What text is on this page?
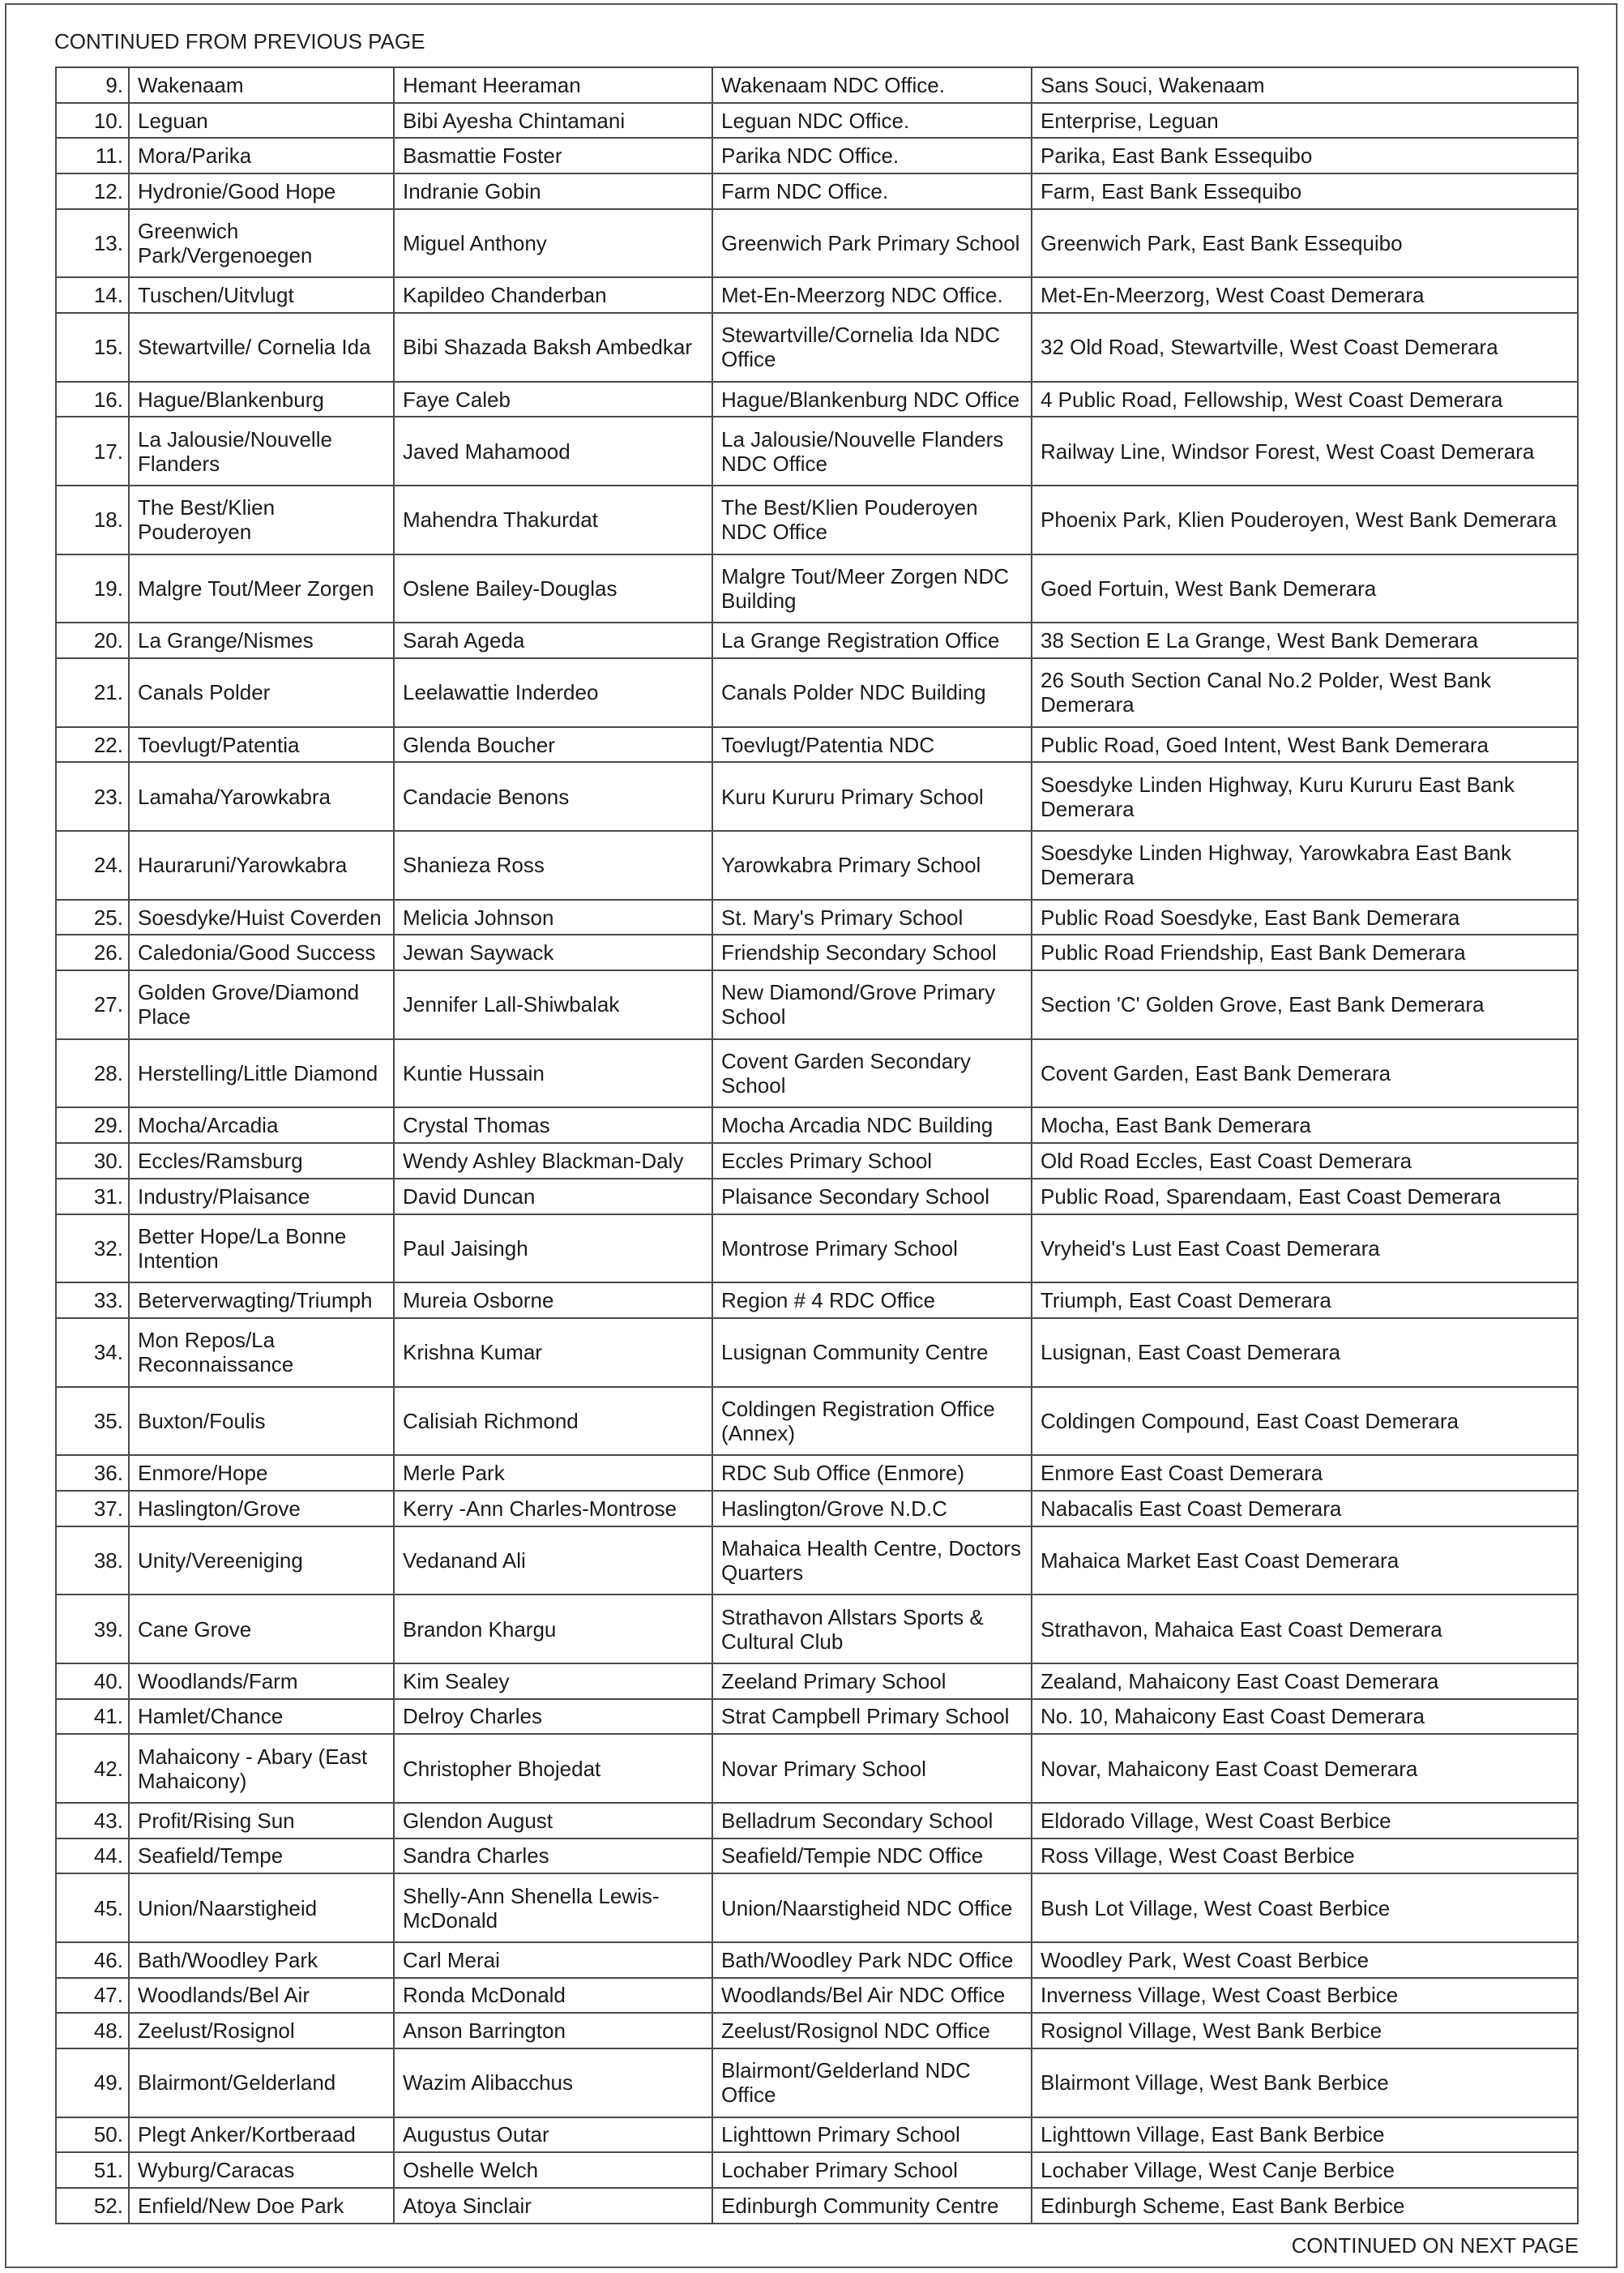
CONTINUED FROM PREVIOUS PAGE
9.	Wakenaam	Hemant Heeraman	Wakenaam NDC Office.	Sans Souci, Wakenaam
10.	Leguan	Bibi Ayesha Chintamani	Leguan NDC Office.	Enterprise, Leguan
11.	Mora/Parika	Basmattie Foster	Parika NDC Office.	Parika, East Bank Essequibo
12.	Hydronie/Good Hope	Indranie Gobin	Farm NDC Office.	Farm, East Bank Essequibo
13.	Greenwich Park/Vergenoegen	Miguel Anthony	Greenwich Park Primary School	Greenwich Park, East Bank Essequibo
14.	Tuschen/Uitvlugt	Kapildeo Chanderban	Met-En-Meerzorg NDC Office.	Met-En-Meerzorg, West Coast Demerara
15.	Stewartville/ Cornelia Ida	Bibi Shazada Baksh Ambedkar	Stewartville/Cornelia Ida NDC Office	32 Old Road, Stewartville, West Coast Demerara
16.	Hague/Blankenburg	Faye Caleb	Hague/Blankenburg NDC Office	4 Public Road, Fellowship, West Coast Demerara
17.	La Jalousie/Nouvelle Flanders	Javed Mahamood	La Jalousie/Nouvelle Flanders NDC Office	Railway Line, Windsor Forest, West Coast Demerara
18.	The Best/Klien Pouderoyen	Mahendra Thakurdat	The Best/Klien Pouderoyen NDC Office	Phoenix Park, Klien Pouderoyen, West Bank Demerara
19.	Malgre Tout/Meer Zorgen	Oslene Bailey-Douglas	Malgre Tout/Meer Zorgen NDC Building	Goed Fortuin, West Bank Demerara
20.	La Grange/Nismes	Sarah Ageda	La Grange Registration Office	38 Section E La Grange, West Bank Demerara
21.	Canals Polder	Leelawattie Inderdeo	Canals Polder NDC Building	26 South Section Canal No.2 Polder, West Bank Demerara
22.	Toevlugt/Patentia	Glenda Boucher	Toevlugt/Patentia NDC	Public Road, Goed Intent, West Bank Demerara
23.	Lamaha/Yarowkabra	Candacie Benons	Kuru Kururu Primary School	Soesdyke Linden Highway, Kuru Kururu East Bank Demerara
24.	Hauraruni/Yarowkabra	Shanieza Ross	Yarowkabra Primary School	Soesdyke Linden Highway, Yarowkabra East Bank Demerara
25.	Soesdyke/Huist Coverden	Melicia Johnson	St. Mary's Primary School	Public Road Soesdyke, East Bank Demerara
26.	Caledonia/Good Success	Jewan Saywack	Friendship Secondary School	Public Road Friendship, East Bank Demerara
27.	Golden Grove/Diamond Place	Jennifer Lall-Shiwbalak	New Diamond/Grove Primary School	Section 'C' Golden Grove, East Bank Demerara
28.	Herstelling/Little Diamond	Kuntie Hussain	Covent Garden Secondary School	Covent Garden, East Bank Demerara
29.	Mocha/Arcadia	Crystal Thomas	Mocha Arcadia NDC Building	Mocha, East Bank Demerara
30.	Eccles/Ramsburg	Wendy Ashley Blackman-Daly	Eccles Primary School	Old Road Eccles, East Coast Demerara
31.	Industry/Plaisance	David Duncan	Plaisance Secondary School	Public Road, Sparendaam, East Coast Demerara
32.	Better Hope/La Bonne Intention	Paul Jaisingh	Montrose Primary School	Vryheid's Lust East Coast Demerara
33.	Beterverwagting/Triumph	Mureia Osborne	Region # 4 RDC Office	Triumph, East Coast Demerara
34.	Mon Repos/La Reconnaissance	Krishna Kumar	Lusignan Community Centre	Lusignan, East Coast Demerara
35.	Buxton/Foulis	Calisiah Richmond	Coldingen Registration Office (Annex)	Coldingen Compound, East Coast Demerara
36.	Enmore/Hope	Merle Park	RDC Sub Office (Enmore)	Enmore East Coast Demerara
37.	Haslington/Grove	Kerry -Ann Charles-Montrose	Haslington/Grove N.D.C	Nabacalis East Coast Demerara
38.	Unity/Vereeniging	Vedanand Ali	Mahaica Health Centre, Doctors Quarters	Mahaica Market East Coast Demerara
39.	Cane Grove	Brandon Khargu	Strathavon Allstars Sports & Cultural Club	Strathavon, Mahaica East Coast Demerara
40.	Woodlands/Farm	Kim Sealey	Zeeland Primary School	Zealand, Mahaicony East Coast Demerara
41.	Hamlet/Chance	Delroy Charles	Strat Campbell Primary School	No. 10, Mahaicony East Coast Demerara
42.	Mahaicony - Abary (East Mahaicony)	Christopher Bhojedat	Novar Primary School	Novar, Mahaicony East Coast Demerara
43.	Profit/Rising Sun	Glendon August	Belladrum Secondary School	Eldorado Village, West Coast Berbice
44.	Seafield/Tempe	Sandra Charles	Seafield/Tempie NDC Office	Ross Village, West Coast Berbice
45.	Union/Naarstigheid	Shelly-Ann Shenella Lewis-McDonald	Union/Naarstigheid NDC Office	Bush Lot Village, West Coast Berbice
46.	Bath/Woodley Park	Carl Merai	Bath/Woodley Park NDC Office	Woodley Park, West Coast Berbice
47.	Woodlands/Bel Air	Ronda McDonald	Woodlands/Bel Air NDC Office	Inverness Village, West Coast Berbice
48.	Zeelust/Rosignol	Anson Barrington	Zeelust/Rosignol NDC Office	Rosignol Village, West Bank Berbice
49.	Blairmont/Gelderland	Wazim Alibacchus	Blairmont/Gelderland NDC Office	Blairmont Village, West Bank Berbice
50.	Plegt Anker/Kortberaad	Augustus Outar	Lighttown Primary School	Lighttown Village, East Bank Berbice
51.	Wyburg/Caracas	Oshelle Welch	Lochaber Primary School	Lochaber Village, West Canje Berbice
52.	Enfield/New Doe Park	Atoya Sinclair	Edinburgh Community Centre	Edinburgh Scheme, East Bank Berbice
CONTINUED ON NEXT PAGE
